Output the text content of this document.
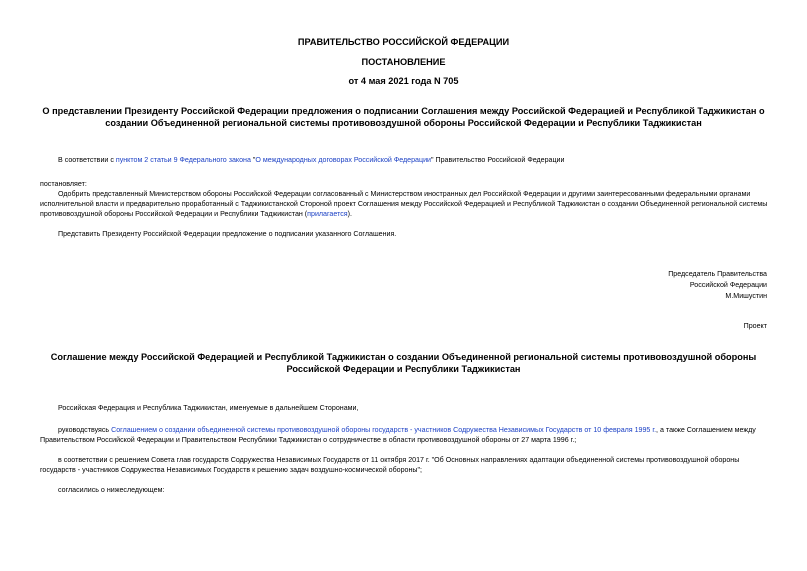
ПРАВИТЕЛЬСТВО РОССИЙСКОЙ ФЕДЕРАЦИИ
ПОСТАНОВЛЕНИЕ
от 4 мая 2021 года N 705
О представлении Президенту Российской Федерации предложения о подписании Соглашения между Российской Федерацией и Республикой Таджикистан о
создании Объединенной региональной системы противовоздушной обороны Российской Федерации и Республики Таджикистан
В соответствии с пунктом 2 статьи 9 Федерального закона "О международных договорах Российской Федерации" Правительство Российской Федерации
постановляет:
Одобрить представленный Министерством обороны Российской Федерации согласованный с Министерством иностранных дел Российской Федерации и другими заинтересованными федеральными органами
исполнительной власти и предварительно проработанный с Таджикистанской Стороной проект Соглашения между Российской Федерацией и Республикой Таджикистан о создании Объединенной региональной системы
противовоздушной обороны Российской Федерации и Республики Таджикистан (прилагается).
Представить Президенту Российской Федерации предложение о подписании указанного Соглашения.
Председатель Правительства
Российской Федерации
М.Мишустин
Проект
Соглашение между Российской Федерацией и Республикой Таджикистан о создании Объединенной региональной системы противовоздушной обороны
Российской Федерации и Республики Таджикистан
Российская Федерация и Республика Таджикистан, именуемые в дальнейшем Сторонами,
руководствуясь Соглашением о создании объединенной системы противовоздушной обороны государств - участников Содружества Независимых Государств от 10 февраля 1995 г., а также Соглашением между
Правительством Российской Федерации и Правительством Республики Таджикистан о сотрудничестве в области противовоздушной обороны от 27 марта 1996 г.;
в соответствии с решением Совета глав государств Содружества Независимых Государств от 11 октября 2017 г. "Об Основных направлениях адаптации объединенной системы противовоздушной обороны
государств - участников Содружества Независимых Государств к решению задач воздушно-космической обороны";
согласились о нижеследующем:
